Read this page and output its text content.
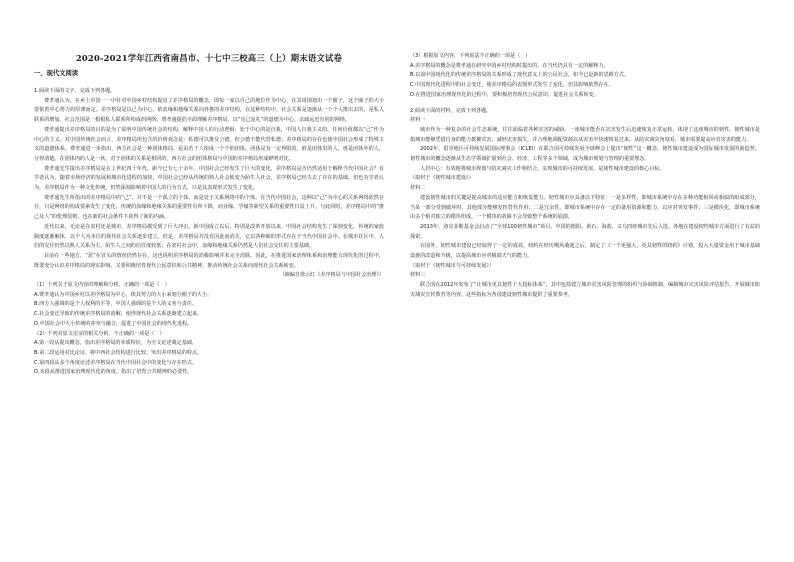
2020-2021学年江西省南昌市、十七中三校高三（上）期末语文试卷
一、现代文阅读

1.阅读下面的文字，完成下列各题。

费孝通认为，在乡土中国一一中针对中国乡村结构提出了差序格局的概念，即每一家以自己的地位作为中心，在其周围划出一个圈子，这个圈子的大小要依着中心势力的厚薄而定。差序格局是以己为中心、依血缘和地缘关系向外推的差序结构，在这种结构中，社会关系是逐渐从一个个人推出去的，是私人联系的增加。社会范围是一根根私人联系所构成的网络。费孝通提倡全面理解差序格局，以“克己复礼”的道德为中心，亲疏远近有别的网络。

费孝通提出差序格局的目的是为了说明中国传统社会的结构，解释中国人的行动逻辑：处于中心的是自我，中国人自我主义的、任何价值都以“己”作为中心的主义。对中国传统社会而言，差序格局所包含的价值观念是：私德可以推及公德，但公德不能代替私德；差序格局的存在也使中国社会形成了特殊主义的道德体系。费孝通进一步指出，西方社会是一种团体格局，是由若干人组成一个个的团体。团体是有一定界限的，谁是团体里的人，谁是团体外的人，分得清楚。在团体内的人是一伙，对于团体的关系是相同的。西方社会的团体格局与中国的差序格局形成鲜明对比。

费孝通先生提出差序格局是在上世纪四十年代，距今已有七十余年。中国社会已经发生了巨大的变化，差序格局是否仍然适用于解释当代中国社会？有学者认为，随着市场经济的发展和城市化进程的加快，中国社会已经从传统的熟人社会转变为陌生人社会，差序格局已经失去了存在的基础。但也有学者认为，差序格局作为一种文化传统，仍然深刻影响着中国人的行为方式，只是其表现形式发生了变化。

费孝通先生所指出的差序格局中的“己”，并不是一个孤立的个体，而是处于关系网络中的个体。在当代中国社会，这种以“己”为中心的关系网络依然存在，只是网络的构成要素发生了变化。传统的血缘和地缘关系的重要性有所下降，而业缘、学缘等新型关系的重要性日益上升。与此同时，差序格局中的“推己及人”的伦理原则，也在新的社会条件下获得了新的内涵。

近代以来，无论是在农村还是城市，差序格局都受到了巨大冲击。新中国成立以后，特别是改革开放以来，中国社会结构发生了深刻变化。传统的家族制度逐渐解体，以个人为本位的现代社会关系逐步建立。但是，差序格局并没有因此而消失，它以各种新的形式存在于当代中国社会中。在城市社区中，人们的交往仍然以熟人关系为主，陌生人之间的信任度较低；在农村社会中，血缘和地缘关系仍然是人们社会交往的主要基础。

目前在一些地方，“恶”在冒头的情况仍然存在，这也说明差序格局的消极影响并未完全消除。因此，在推进国家治理体系和治理能力现代化的过程中，既要充分认识差序格局的现实影响，又要积极培育现代公民意识和公共精神，推动传统社会关系向现代社会关系转变。

（摘编自徐云红《差序格局与中国社会治理》）

（1）下列关于原文内容的理解和分析，正确的一项是（　）

A.费孝通认为中国乡村以差序格局为中心，依其势力的大小来划分圈子的大小。

B.西方人强调的是个人权利的平等，中国人强调的是个人的义务与责任。

C.社会变迁导致的传统差序格局的消解，使得现代社会关系逐渐建立起来。

D.中国社会中大小传统的冲突与融合，促进了中国社会的现代化进程。

（2）下列对原文论证的相关分析，不正确的一项是（　）

A.第一段从提出概念，指出差序格局的本质特征，为全文论述奠定基础。

B.第二段运用对比论证，将中西社会结构进行比较，突出差序格局的特点。

C.第四段从多个角度论述差序格局在当代中国社会中的变化与存在形式。

D.本段从推进国家治理现代化的角度，指出了培育公共精神的必要性。

（3）根据原文内容，下列说法不正确的一项是（　）

A.差序格局的概念是费孝通在研究中国乡村结构时提出的，在当代仍具有一定的解释力。

B.以前中国现代化的传统差序格局的关系形成了现代意义上的公民社会，如今已是新的思维方式。

C.中国现代化进程中的社会变迁，使差序格局的表现形式发生了变化，但其影响依然存在。

D.在推进国家治理现代化的过程中，要积极培育现代公民意识，促进社会关系转变。

2.阅读下面的材料，完成下列各题。

材料一

城市作为一种复杂的社会生态系统，往往面临着各种灾害的威胁。一座城市能否在灾害发生后迅速恢复正常运转，体现了这座城市的韧性。韧性城市是指城市能够凭借自身的能力抵御灾害，减轻灾害损失，并合理地调配资源以从灾害中快速恢复过来。从防灾减灾角度看，城市需要提高应对灾害的能力。

2002年，倡导地区可持续发展国际理事会（ICLEI）在联合国可持续发展全球峰会上提出“韧性”这一概念。韧性城市建设成为国际城市发展的新趋势。韧性城市的概念逐渐从生态学领域扩展到社会、经济、工程等多个领域，成为城市规划与管理的重要理念。

人居中心：有效地将城市规划与防灾减灾工作相结合，实现城市的可持续发展，是韧性城市建设的核心目标。

（取材于《韧性城市建设》）

材料二

建设韧性城市的关键是提高城市的适应能力和恢复能力。韧性城市应具备以下特征：一是多样性，即城市系统中存在多种功能相同或相似的组成部分，当某一部分受到破坏时，其他部分能够发挥替代作用；二是冗余性，即城市系统中存在一定的备用资源和能力，以应对突发事件；三是模块化，即城市系统由多个相对独立的模块组成，一个模块的故障不会导致整个系统的崩溃。

2013年，洛克菲勒基金会启动了“全球100韧性城市”项目。中国的德阳、黄石、海盐、义乌四座城市先后入选。各地在建设韧性城市方面进行了有益的探索。

在国外，韧性城市建设已经取得了一定的成效。纽约在经历飓风桑迪之后，制定了《一个更强大、更具韧性的纽约》计划，投入大量资金用于城市基础设施的改造和升级，以提高城市应对极端天气的能力。

（取材于《韧性城市与可持续发展》）

材料三

联合国在2012年发布了“让城市更具韧性十大指标体系”，其中包括建立城市灾害风险管理的组织与协调机制、编制城市灾害风险评估报告、开展城市防灾减灾宣传教育等内容。这些指标为各国建设韧性城市提供了重要参考。
